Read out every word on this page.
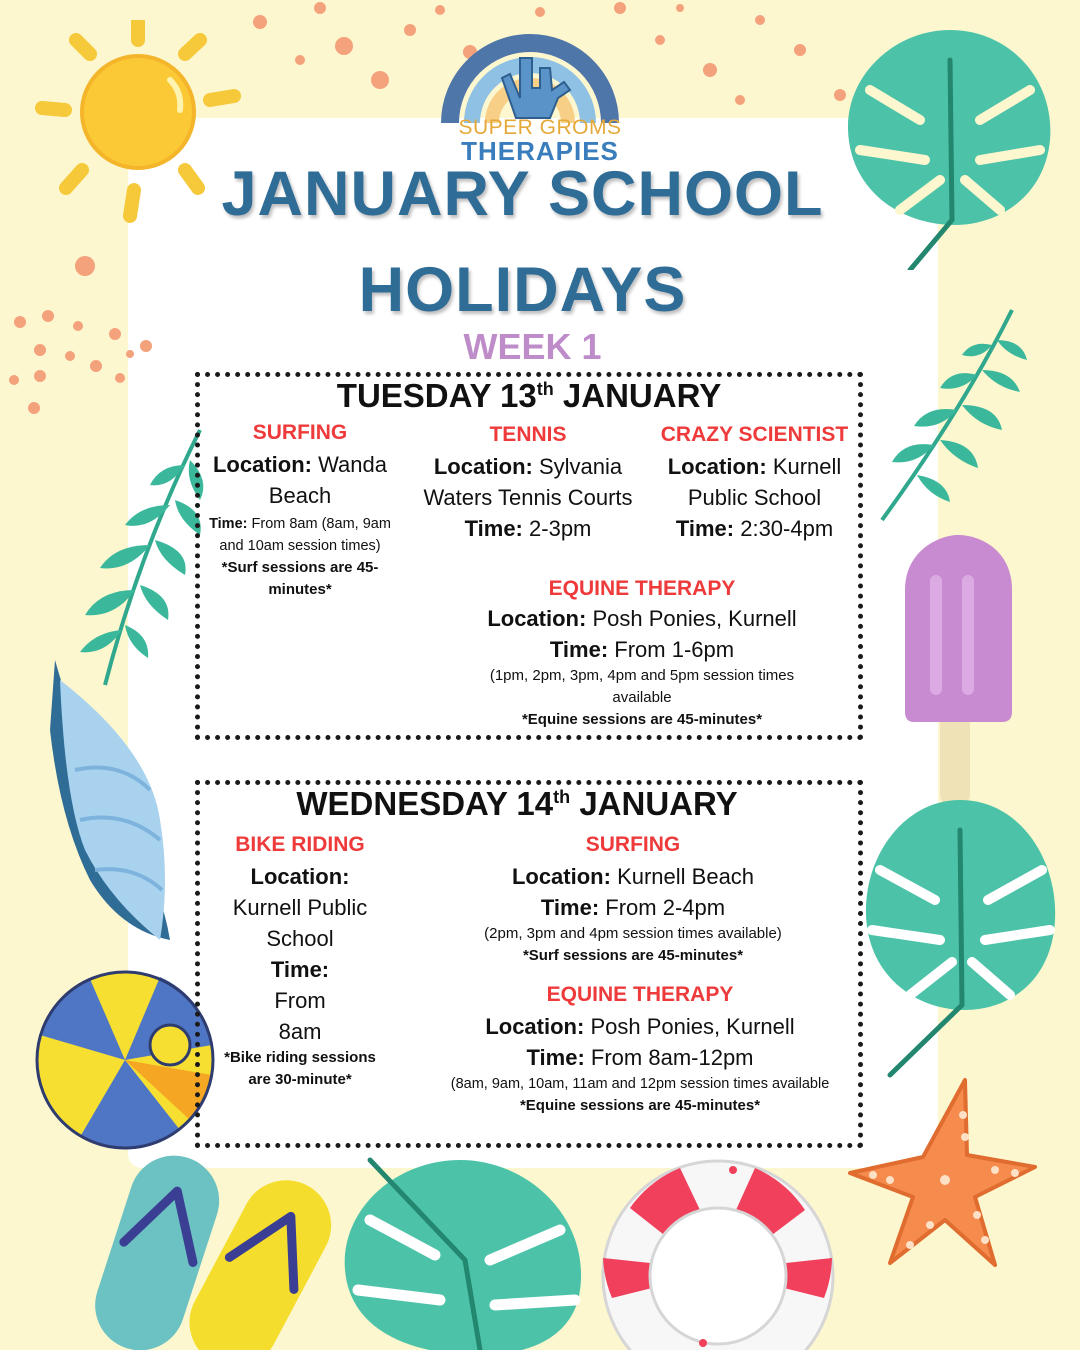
SUPER GROMS
THERAPIES
JANUARY SCHOOL
HOLIDAYS
WEEK 1
TUESDAY 13th JANUARY
SURFING
Location: Wanda Beach
Time: From 8am (8am, 9am and 10am session times)
*Surf sessions are 45-minutes*
TENNIS
Location: Sylvania Waters Tennis Courts
Time: 2-3pm
CRAZY SCIENTIST
Location: Kurnell Public School
Time: 2:30-4pm
EQUINE THERAPY
Location: Posh Ponies, Kurnell
Time: From 1-6pm
(1pm, 2pm, 3pm, 4pm and 5pm session times available
*Equine sessions are 45-minutes*
WEDNESDAY 14th JANUARY
BIKE RIDING
Location:
Kurnell Public School
Time: From 8am
*Bike riding sessions are 30-minute*
SURFING
Location: Kurnell Beach
Time: From 2-4pm
(2pm, 3pm and 4pm session times available)
*Surf sessions are 45-minutes*
EQUINE THERAPY
Location: Posh Ponies, Kurnell
Time: From 8am-12pm
(8am, 9am, 10am, 11am and 12pm session times available
*Equine sessions are 45-minutes*
